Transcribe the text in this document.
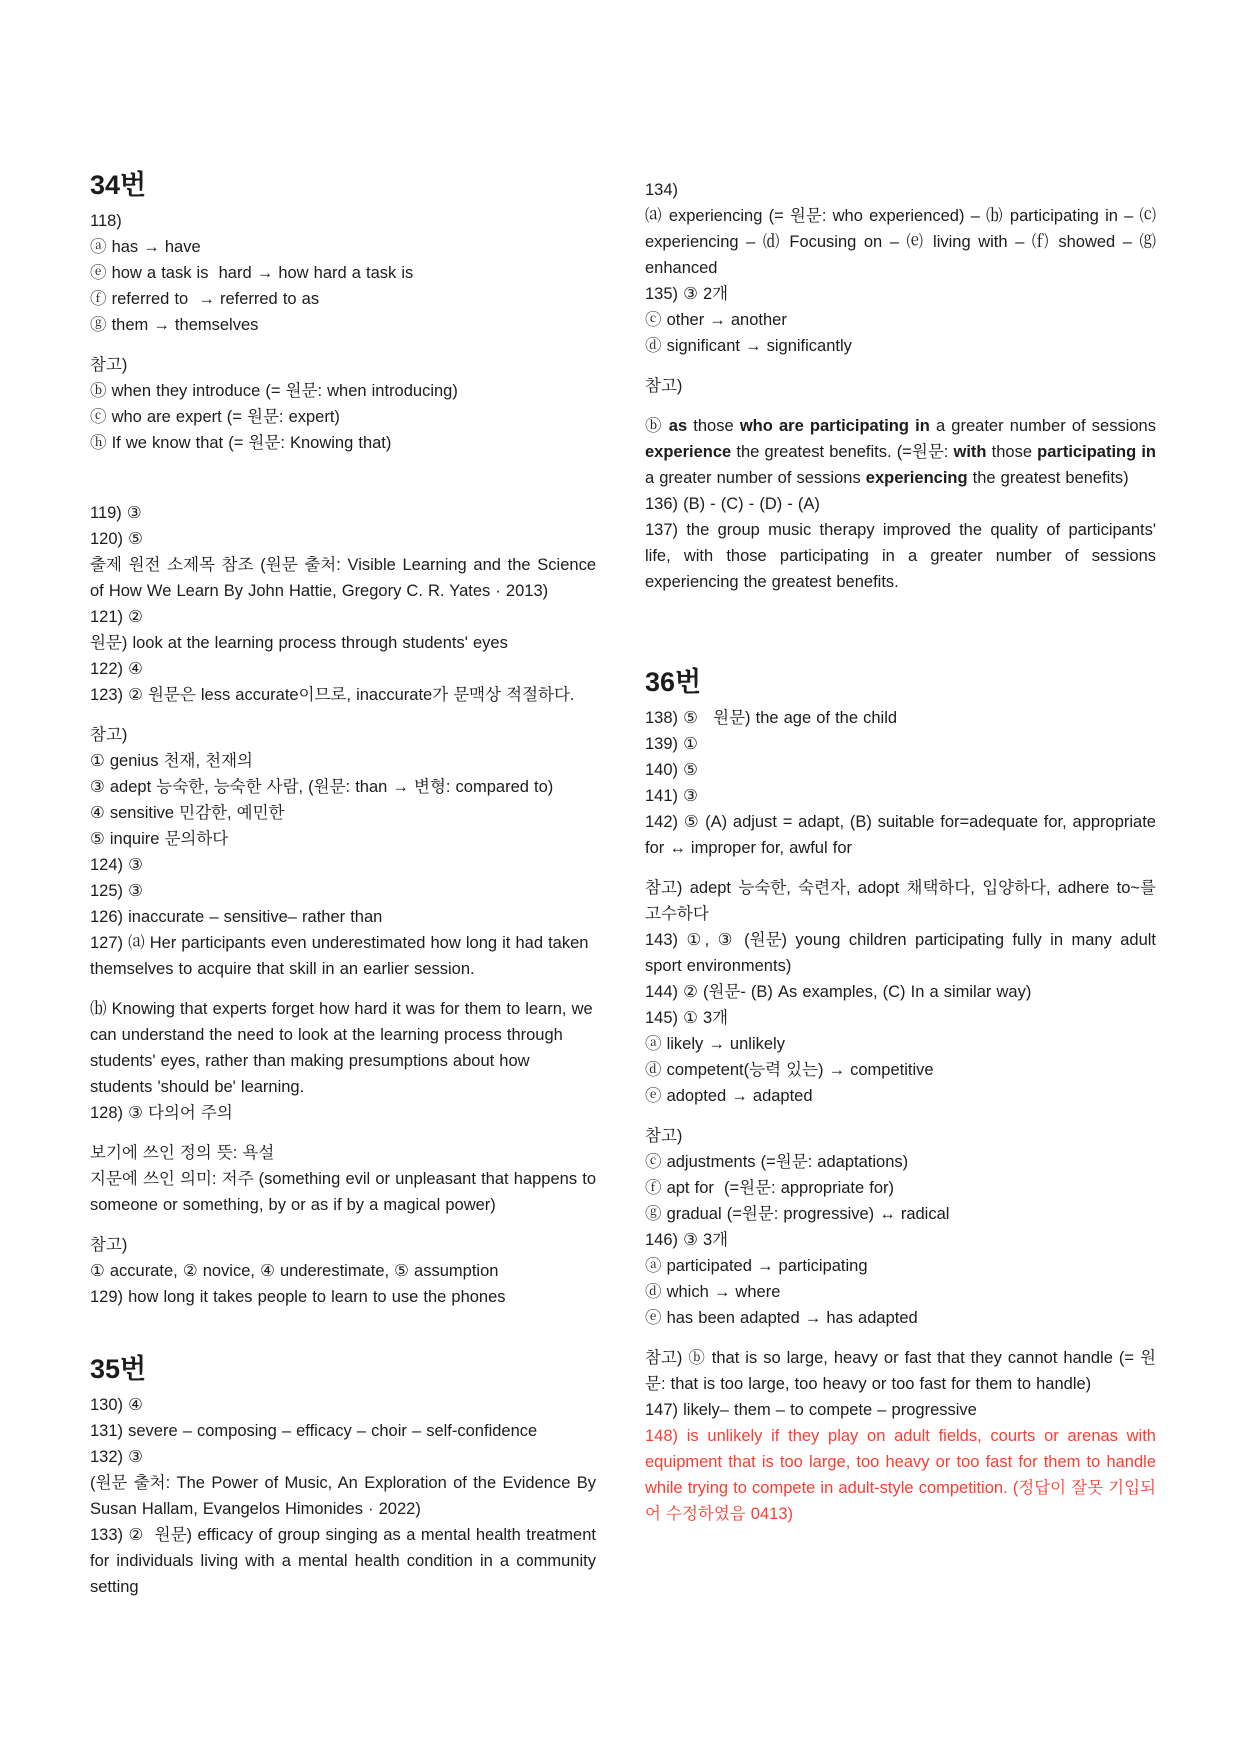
34번

118)

ⓐ has → have

ⓔ how a task is  hard → how hard a task is

ⓕ referred to  → referred to as

ⓖ them → themselves

참고)

ⓑ when they introduce (= 원문: when introducing)

ⓒ who are expert (= 원문: expert)

ⓗ If we know that (= 원문: Knowing that)

119) ③

120) ⑤

출제 원전 소제목 참조 (원문 출처: Visible Learning and the Science of How We Learn By John Hattie, Gregory C. R. Yates · 2013)

121) ②

원문) look at the learning process through students' eyes

122) ④

123) ② 원문은 less accurate이므로, inaccurate가 문맥상 적절하다.

참고)

① genius 천재, 천재의

③ adept 능숙한, 능숙한 사람, (원문: than → 변형: compared to)

④ sensitive 민감한, 예민한

⑤ inquire 문의하다

124) ③

125) ③

126) inaccurate – sensitive– rather than

127) ⒜ Her participants even underestimated how long it had taken themselves to acquire that skill in an earlier session.

⒝ Knowing that experts forget how hard it was for them to learn, we can understand the need to look at the learning process through students' eyes, rather than making presumptions about how students 'should be' learning.

128) ③ 다의어 주의

보기에 쓰인 정의 뜻: 욕설

지문에 쓰인 의미: 저주 (something evil or unpleasant that happens to someone or something, by or as if by a magical power)

참고)

① accurate, ② novice, ④ underestimate, ⑤ assumption

129) how long it takes people to learn to use the phones

35번

130) ④

131) severe – composing – efficacy – choir – self-confidence

132) ③

(원문 출처: The Power of Music, An Exploration of the Evidence By Susan Hallam, Evangelos Himonides · 2022)

133) ②  원문) efficacy of group singing as a mental health treatment for individuals living with a mental health condition in a community setting

134)

⒜ experiencing (= 원문: who experienced) – ⒝ participating in – ⒞ experiencing – ⒟ Focusing on – ⒠ living with – ⒡ showed – ⒢ enhanced

135) ③ 2개

ⓒ other → another

ⓓ significant → significantly

참고)

ⓑ as those who are participating in a greater number of sessions experience the greatest benefits. (=원문: with those participating in a greater number of sessions experiencing the greatest benefits)

136) (B) - (C) - (D) - (A)

137) the group music therapy improved the quality of participants' life, with those participating in a greater number of sessions experiencing the greatest benefits.

36번

138) ⑤   원문) the age of the child

139) ①

140) ⑤

141) ③

142) ⑤ (A) adjust = adapt, (B) suitable for=adequate for, appropriate for ↔ improper for, awful for

참고) adept 능숙한, 숙련자, adopt 채택하다, 입양하다, adhere to~를 고수하다

143) ①, ③ (원문) young children participating fully in many adult sport environments)

144) ② (원문- (B) As examples, (C) In a similar way)

145) ① 3개

ⓐ likely → unlikely

ⓓ competent(능력 있는) → competitive

ⓔ adopted → adapted

참고)

ⓒ adjustments (=원문: adaptations)

ⓕ apt for  (=원문: appropriate for)

ⓖ gradual (=원문: progressive) ↔ radical

146) ③ 3개

ⓐ participated → participating

ⓓ which → where

ⓔ has been adapted → has adapted

참고) ⓑ that is so large, heavy or fast that they cannot handle (= 원문: that is too large, too heavy or too fast for them to handle)

147) likely– them – to compete – progressive

148) is unlikely if they play on adult fields, courts or arenas with equipment that is too large, too heavy or too fast for them to handle while trying to compete in adult-style competition. (정답이 잘못 기입되어 수정하였음 0413)
